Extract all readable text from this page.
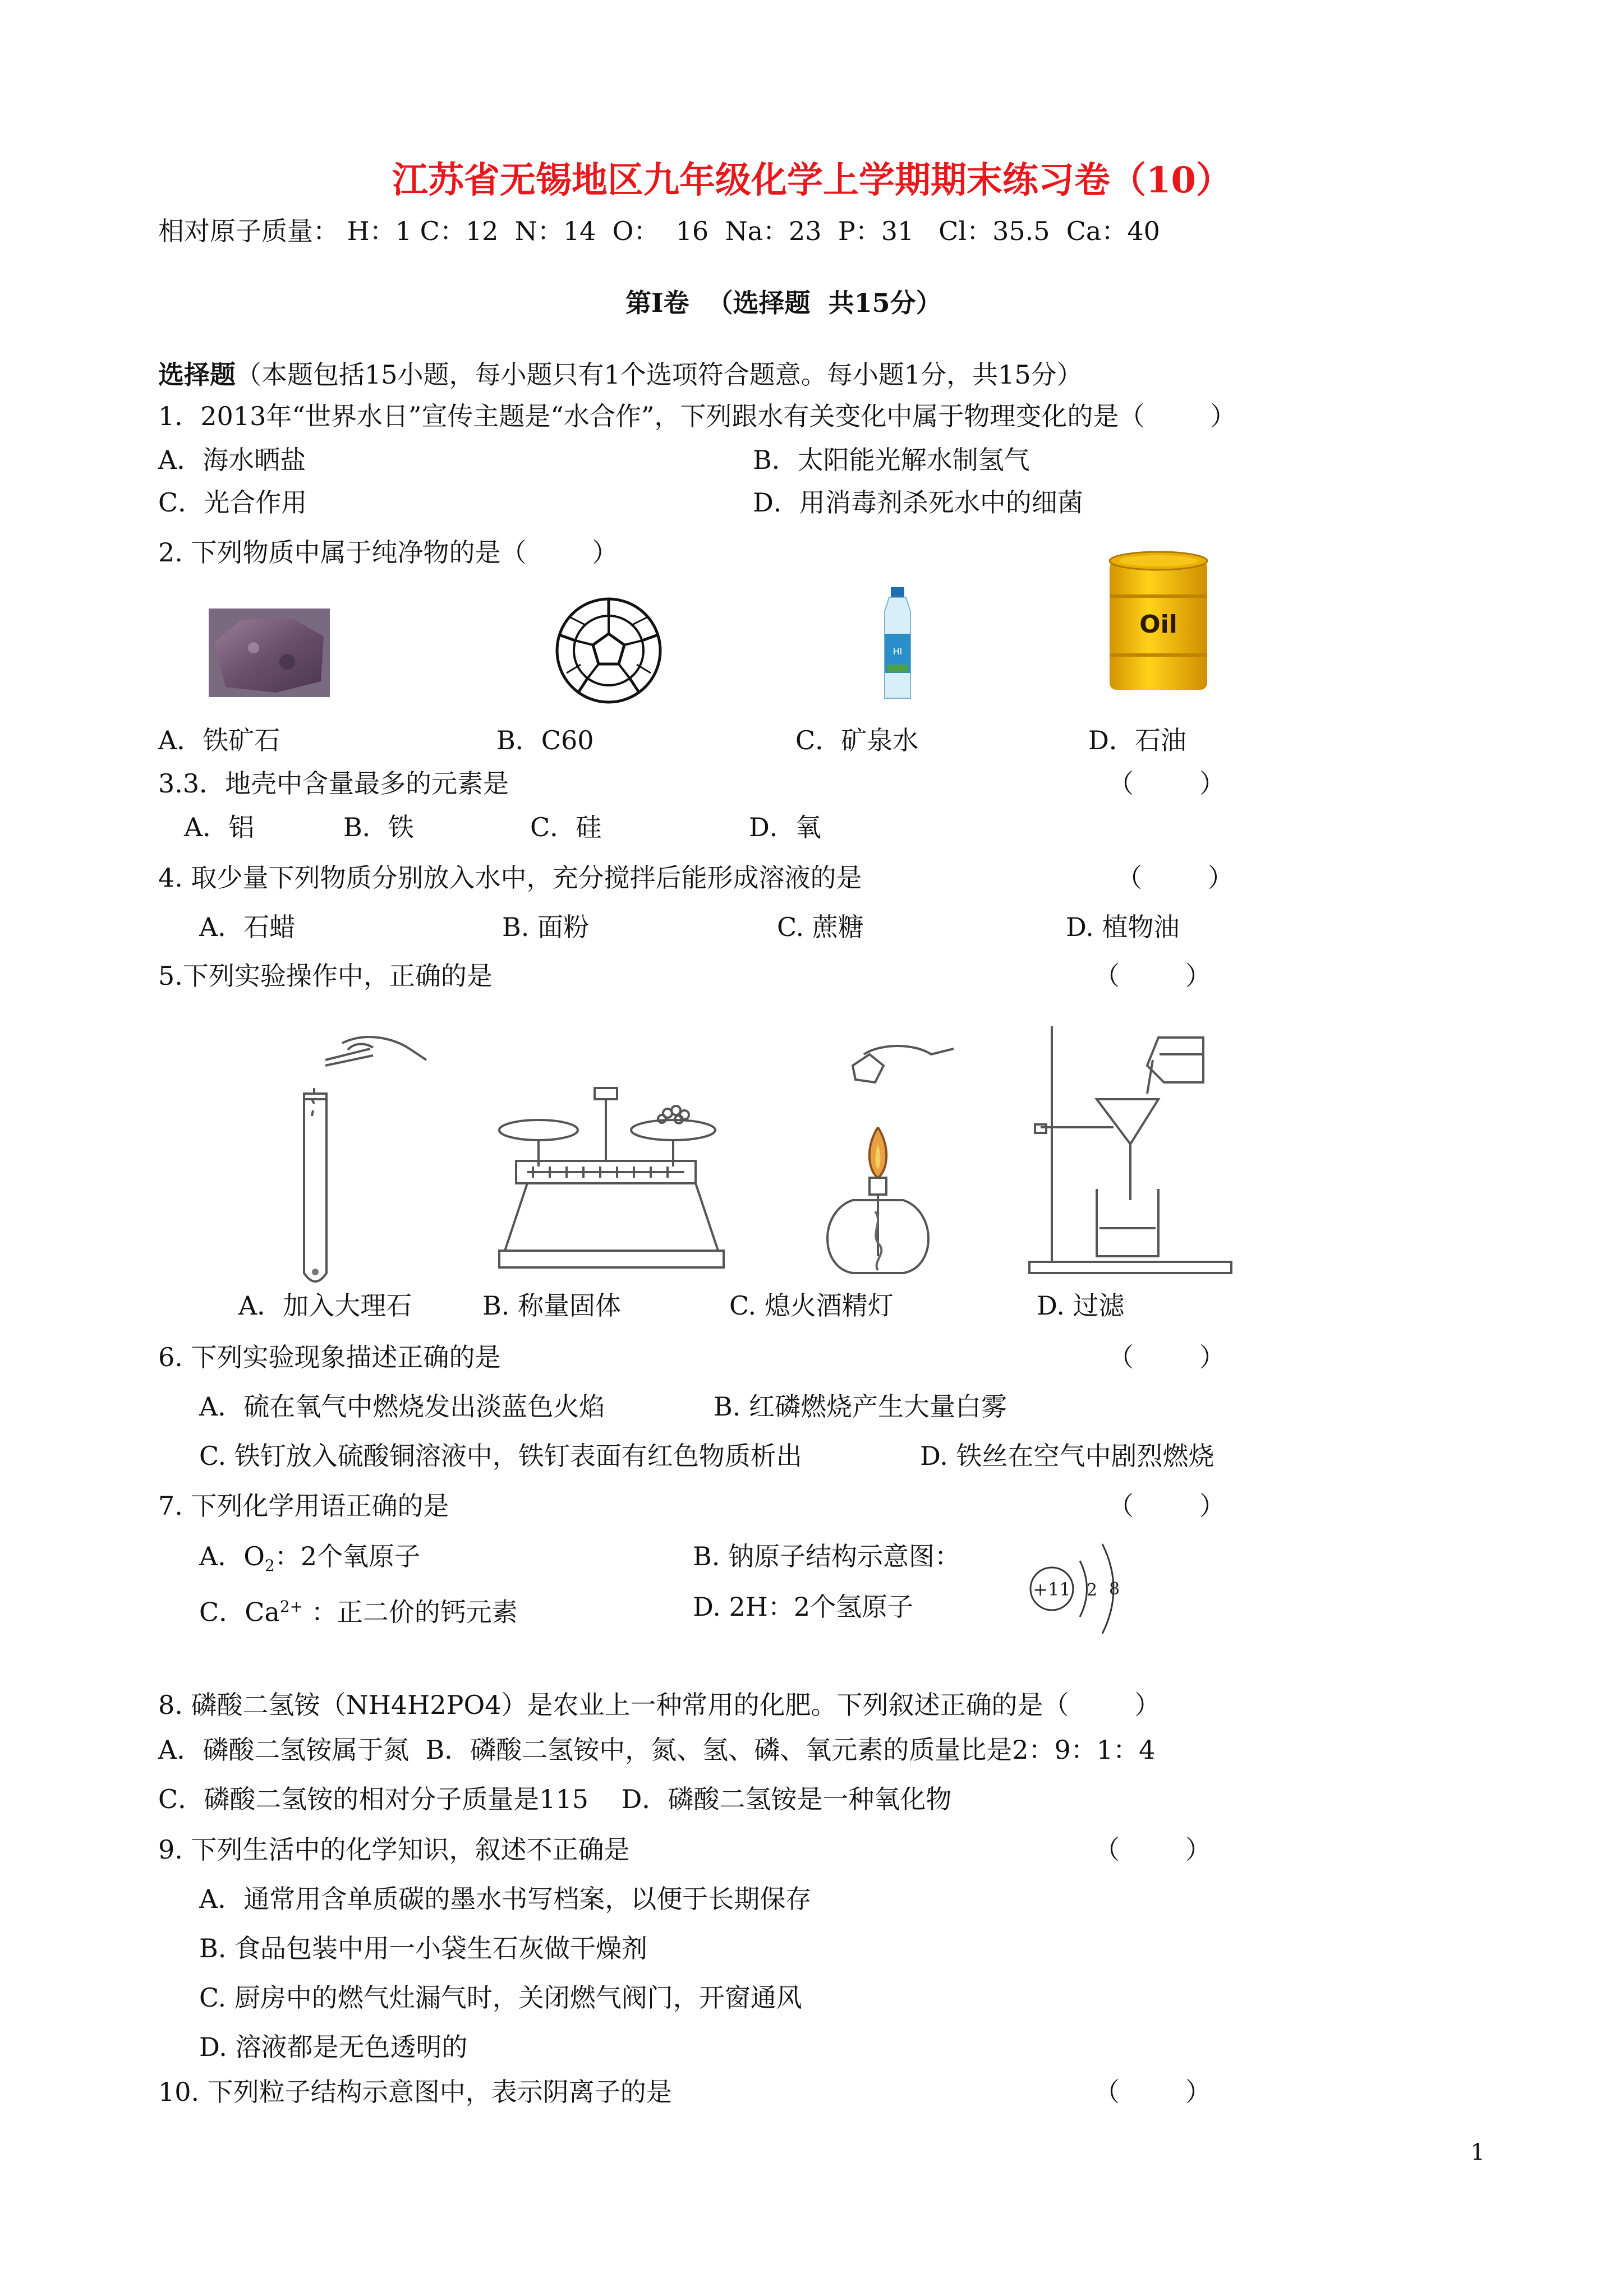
江苏省无锡地区九年级化学上学期期末练习卷（10）
相对原子质量： H：1 C：12  N：14  O：  16  Na：23  P：31   Cl：35.5  Ca：40
第Ⅰ卷  （选择题  共15分）
选择题（本题包括15小题，每小题只有1个选项符合题意。每小题1分，共15分）
1．2013年“世界水日”宣传主题是“水合作”，下列跟水有关变化中属于物理变化的是（        ）
A．海水晒盐	B．太阳能光解水制氢气
C．光合作用	D．用消毒剂杀死水中的细菌
2. 下列物质中属于纯净物的是（        ）
HI
Oil
A．铁矿石	B．C60	C．矿泉水	D．石油
3.3．地壳中含量最多的元素是	（        ）
A．铝	B．铁	C．硅	D．氧
4. 取少量下列物质分别放入水中，充分搅拌后能形成溶液的是	（        ）
A．石蜡	B. 面粉	C. 蔗糖	D. 植物油
5.下列实验操作中，正确的是	（        ）
A．加入大理石	B. 称量固体	C. 熄火酒精灯	D. 过滤
6. 下列实验现象描述正确的是	（        ）
A．硫在氧气中燃烧发出淡蓝色火焰	B. 红磷燃烧产生大量白雾
C. 铁钉放入硫酸铜溶液中，铁钉表面有红色物质析出	D. 铁丝在空气中剧烈燃烧
7. 下列化学用语正确的是	（        ）
A．$O_2$：2个氧原子	B. 钠原子结构示意图：
C．$Ca^{2+}$ ：正二价的钙元素	D. 2H：2个氢原子
+11 2 8
8. 磷酸二氢铵（NH4H2PO4）是农业上一种常用的化肥。下列叙述正确的是（        ）
A．磷酸二氢铵属于氮  B．磷酸二氢铵中，氮、氢、磷、氧元素的质量比是2：9：1：4
C．磷酸二氢铵的相对分子质量是115    D．磷酸二氢铵是一种氧化物
9. 下列生活中的化学知识，叙述不正确是	（        ）
A．通常用含单质碳的墨水书写档案，以便于长期保存
B. 食品包装中用一小袋生石灰做干燥剂
C. 厨房中的燃气灶漏气时，关闭燃气阀门，开窗通风
D. 溶液都是无色透明的
10. 下列粒子结构示意图中，表示阴离子的是	（        ）
1
